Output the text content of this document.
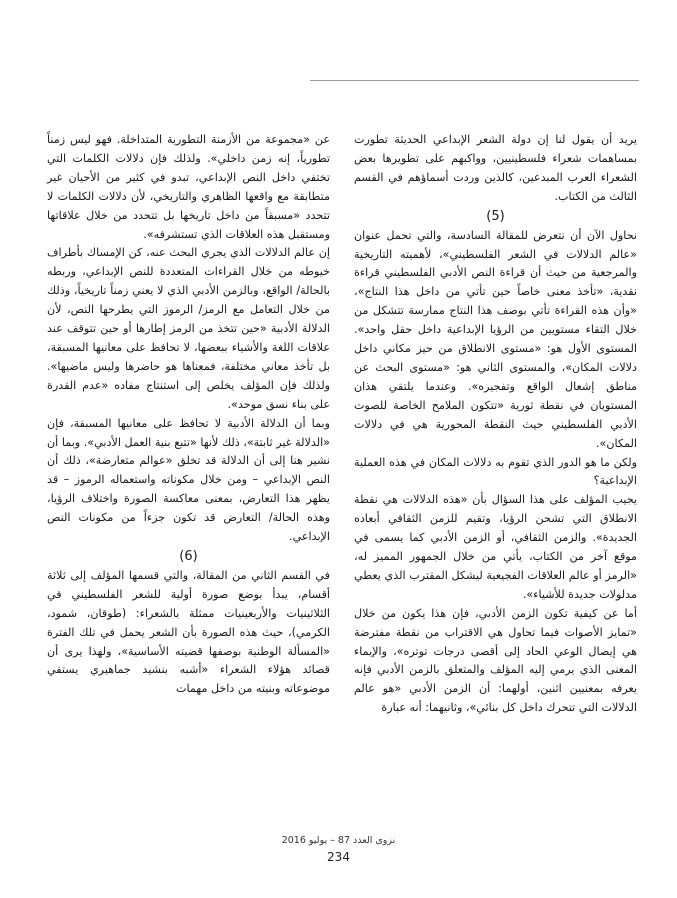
يريد أن يقول لنا إن دولة الشعر الإبداعي الحديثة تطورت بمساهمات شعراء فلسطينيين، وواكبهم على تطويرها بعض الشعراء العرب المبدعين، كالذين وردت أسماؤهم في القسم الثالث من الكتاب.

(5)

نحاول الآن أن نتعرض للمقالة السادسة، والتي تحمل عنوان «عالم الدلالات في الشعر الفلسطيني»، لأهميته التاريخية والمرجعية من حيث أن قراءة النص الأدبي الفلسطيني قراءة نقدية، «تأخذ معنى خاصاً حين تأتي من داخل هذا النتاج»، «وأن هذه القراءة تأتي بوصف هذا النتاج ممارسة تتشكل من خلال التقاء مستويين من الرؤيا الإبداعية داخل حقل واحد». المستوى الأول هو: «مستوى الانطلاق من حيز مكاني داخل دلالات المكان»، والمستوى الثاني هو: «مستوى البحث عن مناطق إشعال الواقع وتفجيره». وعندما يلتقي هذان المستويان في نقطة ثورية «تتكون الملامح الخاصة للصوت الأدبي الفلسطيني حيث النقطة المحورية هي في دلالات المكان».

ولكن ما هو الدور الذي تقوم به دلالات المكان في هذه العملية الإبداعية؟

يجيب المؤلف على هذا السؤال بأن «هذه الدلالات هي نقطة الانطلاق التي تشحن الرؤيا، وتقيم للزمن الثقافي أبعاده الجديدة». والزمن الثقافي، أو الزمن الأدبي كما يسمى في موقع آخر من الكتاب، يأتي من خلال الجمهور المميز له، «الرمز أو عالم العلاقات الفجيعية ليشكل المقترب الذي يعطي مدلولات جديدة للأشياء».

أما عن كيفية تكون الزمن الأدبي، فإن هذا يكون من خلال «تمايز الأصوات فيما تحاول هي الاقتراب من نقطة مفترضة هي إيصال الوعي الحاد إلى أقصى درجات توتره»، والإيماء المعنى الذي يرمي إليه المؤلف والمتعلق بالزمن الأدبي فإنه يعرفه بمعنيين اثنين، أولهما: أن الزمن الأدبي «هو عالم الدلالات التي تتحرك داخل كل بنائي»، وثانيهما: أنه عبارة

عن «مجموعة من الأزمنة التطورية المتداخلة. فهو ليس زمناً تطورياً، إنه زمن داخلي». ولذلك فإن دلالات الكلمات التي تختفي داخل النص الإبداعي، تبدو في كثير من الأحيان غير متطابقة مع واقعها الظاهري والتاريخي، لأن دلالات الكلمات لا تتحدد «مسبقاً من داخل تاريخها بل تتحدد من خلال علاقاتها ومستقبل هذه العلاقات الذي تستشرفه».

إن عالم الدلالات الذي يجري البحث عنه، كن الإمساك بأطراف خيوطه من خلال القراءات المتعددة للنص الإبداعي، وربطه بالحالة/ الواقع، وبالزمن الأدبي الذي لا يعني زمناً تاريخياً، وذلك من خلال التعامل مع الرمز/ الرموز التي يطرحها النص، لأن الدلالة الأدبية «حين تتخذ من الرمز إطارها أو حين تتوقف عند علاقات اللغة والأشياء ببعضها، لا تحافظ على معانيها المسبقة، بل تأخذ معاني مختلفة، فمعناها هو حاضرها وليس ماضيها». ولذلك فإن المؤلف يخلص إلى استنتاج مفاده «عدم القدرة على بناء نسق موحد».

وبما أن الدلالة الأدبية لا تحافظ على معانيها المسبقة، فإن «الدلالة غير ثابتة»، ذلك لأنها «تتبع بنية العمل الأدبي». وبما أن نشير هنا إلى أن الدلالة قد تخلق «عوالم متعارضة»، ذلك أن النص الإبداعي – ومن خلال مكوناته واستعماله الرموز – قد يظهر هذا التعارض، بمعنى معاكسة الصورة واختلاف الرؤيا، وهذه الحالة/ التعارض قد تكون جزءاً من مكونات النص الإبداعي.

(6)

في القسم الثاني من المقالة، والتي قسمها المؤلف إلى ثلاثة أقسام، يبدأ بوضع صورة أولية للشعر الفلسطيني في الثلاثينيات والأربعينيات ممثلة بالشعراء: (طوقان، شمود، الكرمي)، حيث هذه الصورة بأن الشعر يحمل في تلك الفترة «المسألة الوطنية بوصفها قضيته الأساسية»، ولهذا يرى أن قصائد هؤلاء الشعراء «أشبه بنشيد جماهيري يستقي موضوعاته وبنيته من داخل مهمات

نزوى العدد 87 – يوليو 2016
234
